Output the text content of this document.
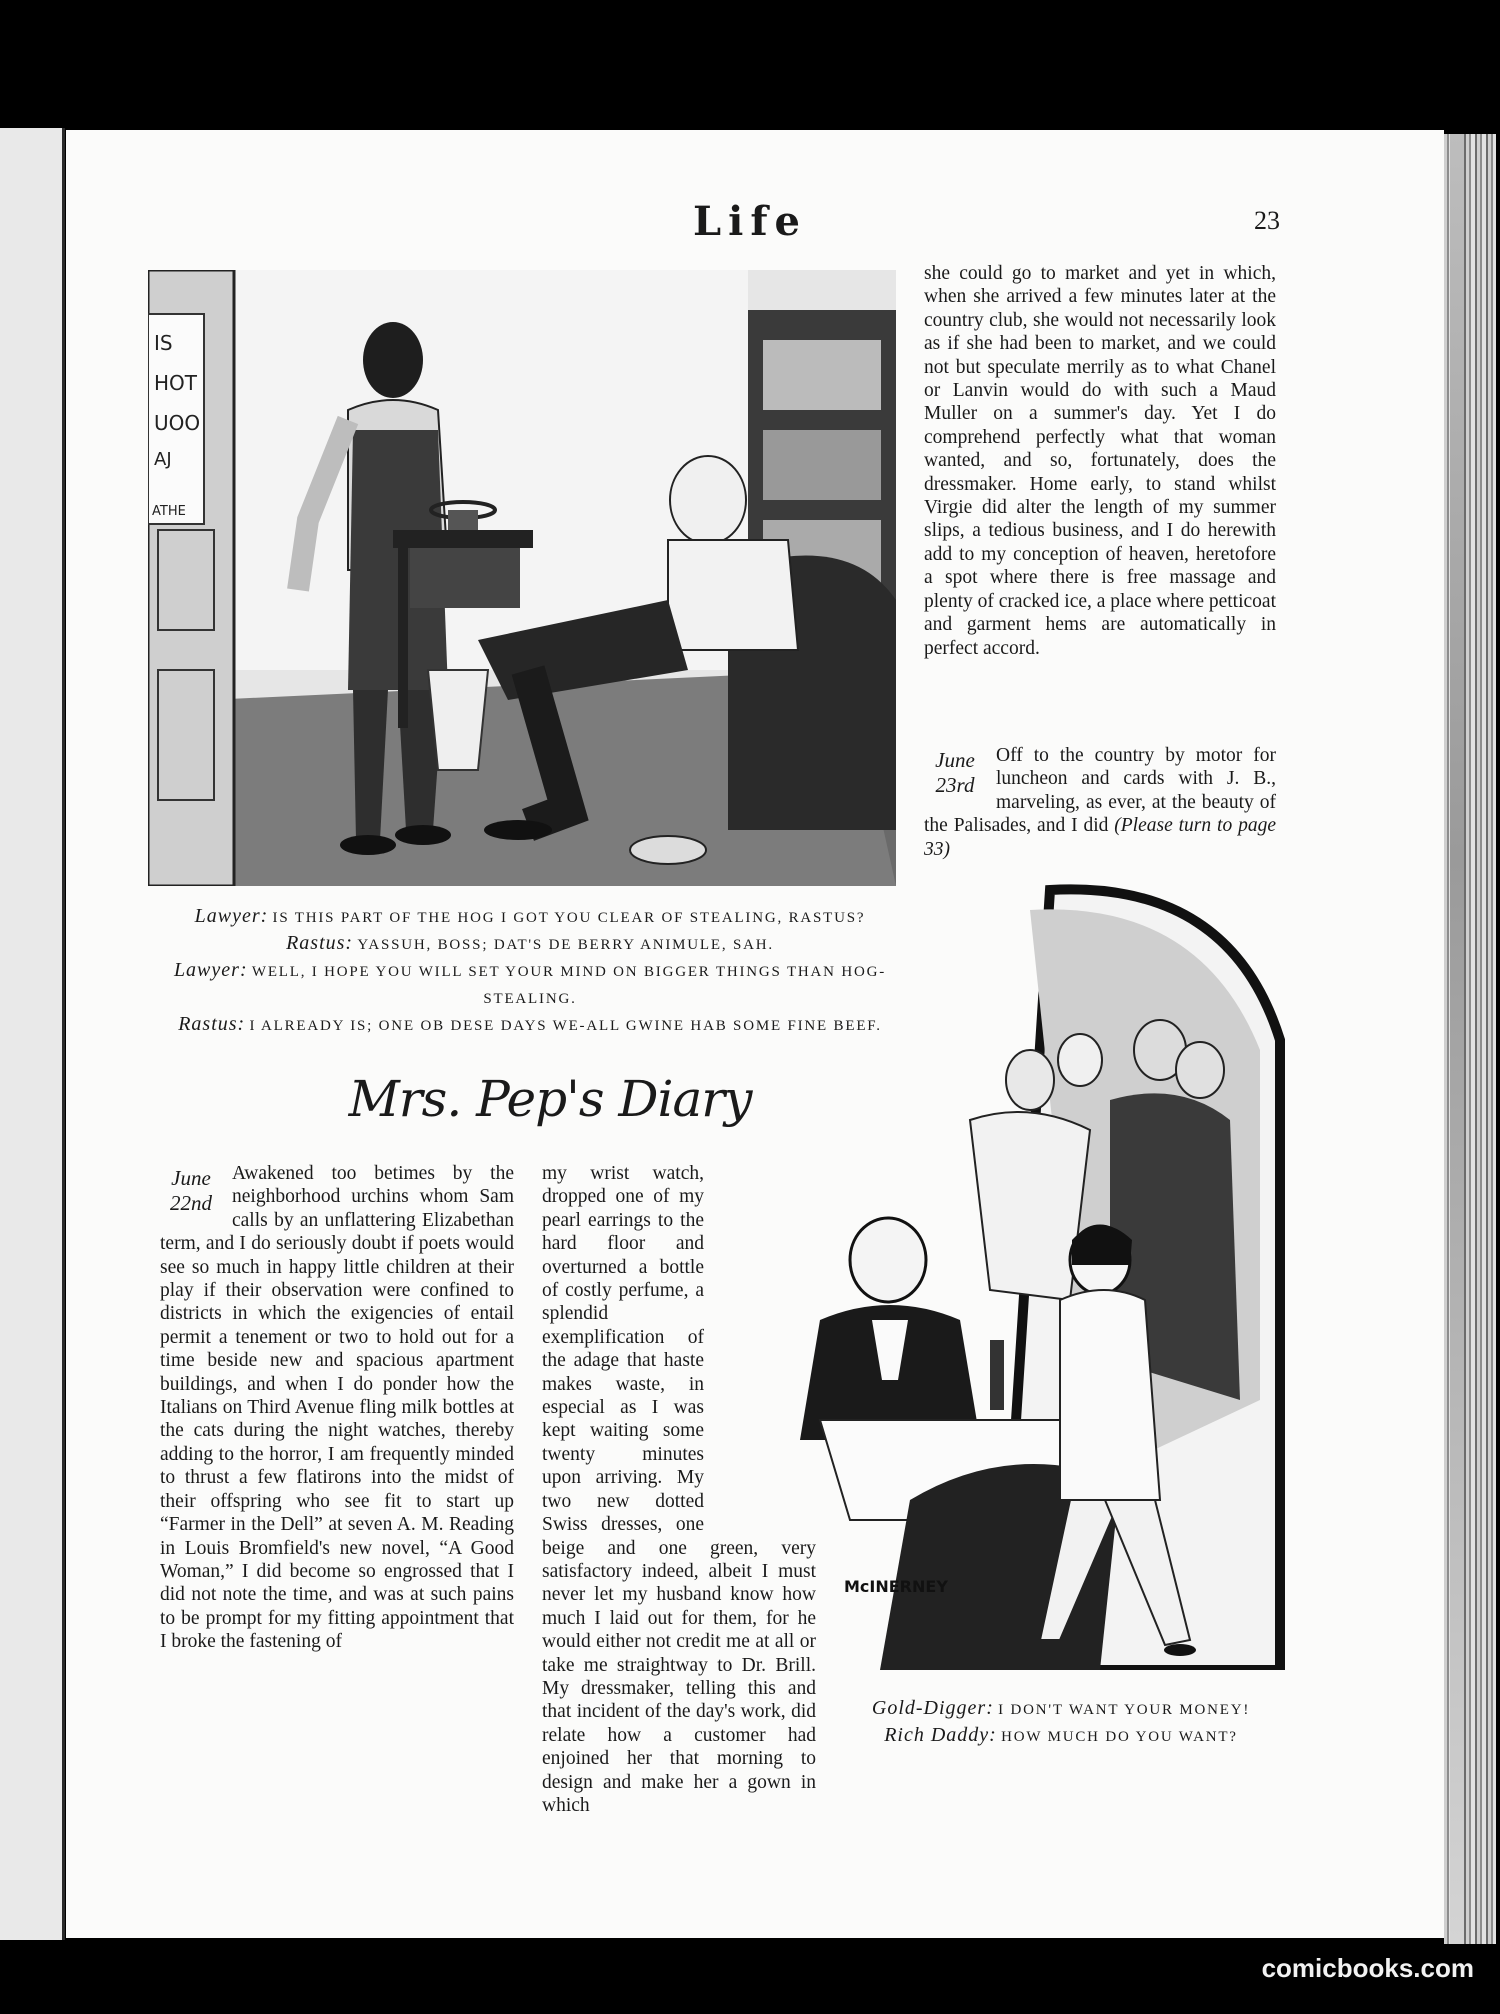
Life	23
IS
HOT
UOO
AJ
ATHE
Lawyer: IS THIS PART OF THE HOG I GOT YOU CLEAR OF STEALING, RASTUS?
Rastus: YASSUH, BOSS; DAT'S DE BERRY ANIMULE, SAH.
Lawyer: WELL, I HOPE YOU WILL SET YOUR MIND ON BIGGER THINGS THAN HOG-STEALING.
Rastus: I ALREADY IS; ONE OB DESE DAYS WE-ALL GWINE HAB SOME FINE BEEF.

she could go to market and yet in which, when she arrived a few minutes later at the country club, she would not necessarily look as if she had been to market, and we could not but speculate merrily as to what Chanel or Lanvin would do with such a Maud Muller on a summer's day. Yet I do comprehend perfectly what that woman wanted, and so, fortunately, does the dressmaker. Home early, to stand whilst Virgie did alter the length of my summer slips, a tedious business, and I do herewith add to my conception of heaven, heretofore a spot where there is free massage and plenty of cracked ice, a place where petticoat and garment hems are automatically in perfect accord.

June
23rd

Off to the country by motor for luncheon and cards with J. B., marveling, as ever, at the beauty of the Palisades, and I did (Please turn to page 33)

McINERNEY
Gold-Digger: I DON'T WANT YOUR MONEY!
Rich Daddy: HOW MUCH DO YOU WANT?
Mrs. Pep's Diary
June
22nd

Awakened too betimes by the neighborhood urchins whom Sam calls by an unflattering Elizabethan term, and I do seriously doubt if poets would see so much in happy little children at their play if their observation were confined to districts in which the exigencies of entail permit a tenement or two to hold out for a time beside new and spacious apartment buildings, and when I do ponder how the Italians on Third Avenue fling milk bottles at the cats during the night watches, thereby adding to the horror, I am frequently minded to thrust a few flatirons into the midst of their offspring who see fit to start up “Farmer in the Dell” at seven A. M. Reading in Louis Bromfield's new novel, “A Good Woman,” I did become so engrossed that I did not note the time, and was at such pains to be prompt for my fitting appointment that I broke the fastening of

my wrist watch, dropped one of my pearl earrings to the hard floor and overturned a bottle of costly perfume, a splendid exemplification of the adage that haste makes waste, in especial as I was kept waiting some twenty minutes upon arriving. My two new dotted Swiss dresses, one beige and one green, very satisfactory indeed, albeit I must never let my husband know how much I laid out for them, for he would either not credit me at all or take me straightway to Dr. Brill. My dressmaker, telling this and that incident of the day's work, did relate how a customer had enjoined her that morning to design and make her a gown in which

comicbooks.com
